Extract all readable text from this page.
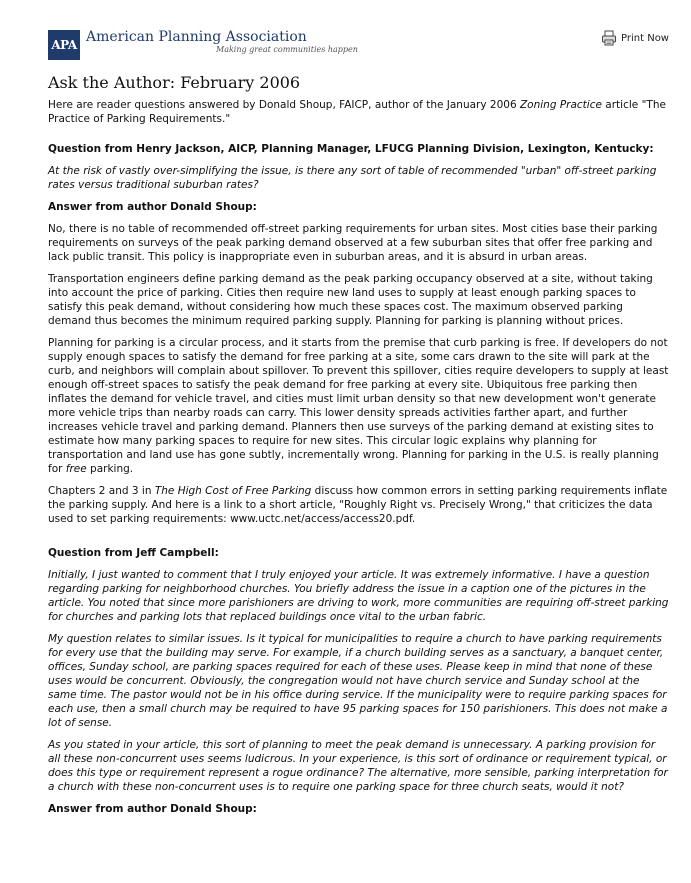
APA American Planning Association
Making great communities happen
Print Now
Ask the Author: February 2006

Here are reader questions answered by Donald Shoup, FAICP, author of the January 2006 Zoning Practice article "The Practice of Parking Requirements."

Question from Henry Jackson, AICP, Planning Manager, LFUCG Planning Division, Lexington, Kentucky:

At the risk of vastly over-simplifying the issue, is there any sort of table of recommended "urban" off-street parking rates versus traditional suburban rates?

Answer from author Donald Shoup:

No, there is no table of recommended off-street parking requirements for urban sites. Most cities base their parking requirements on surveys of the peak parking demand observed at a few suburban sites that offer free parking and lack public transit. This policy is inappropriate even in suburban areas, and it is absurd in urban areas.

Transportation engineers define parking demand as the peak parking occupancy observed at a site, without taking into account the price of parking. Cities then require new land uses to supply at least enough parking spaces to satisfy this peak demand, without considering how much these spaces cost. The maximum observed parking demand thus becomes the minimum required parking supply. Planning for parking is planning without prices.

Planning for parking is a circular process, and it starts from the premise that curb parking is free. If developers do not supply enough spaces to satisfy the demand for free parking at a site, some cars drawn to the site will park at the curb, and neighbors will complain about spillover. To prevent this spillover, cities require developers to supply at least enough off-street spaces to satisfy the peak demand for free parking at every site. Ubiquitous free parking then inflates the demand for vehicle travel, and cities must limit urban density so that new development won't generate more vehicle trips than nearby roads can carry. This lower density spreads activities farther apart, and further increases vehicle travel and parking demand. Planners then use surveys of the parking demand at existing sites to estimate how many parking spaces to require for new sites. This circular logic explains why planning for transportation and land use has gone subtly, incrementally wrong. Planning for parking in the U.S. is really planning for free parking.

Chapters 2 and 3 in The High Cost of Free Parking discuss how common errors in setting parking requirements inflate the parking supply. And here is a link to a short article, "Roughly Right vs. Precisely Wrong," that criticizes the data used to set parking requirements: www.uctc.net/access/access20.pdf.

Question from Jeff Campbell:

Initially, I just wanted to comment that I truly enjoyed your article. It was extremely informative. I have a question regarding parking for neighborhood churches. You briefly address the issue in a caption one of the pictures in the article. You noted that since more parishioners are driving to work, more communities are requiring off-street parking for churches and parking lots that replaced buildings once vital to the urban fabric.

My question relates to similar issues. Is it typical for municipalities to require a church to have parking requirements for every use that the building may serve. For example, if a church building serves as a sanctuary, a banquet center, offices, Sunday school, are parking spaces required for each of these uses. Please keep in mind that none of these uses would be concurrent. Obviously, the congregation would not have church service and Sunday school at the same time. The pastor would not be in his office during service. If the municipality were to require parking spaces for each use, then a small church may be required to have 95 parking spaces for 150 parishioners. This does not make a lot of sense.

As you stated in your article, this sort of planning to meet the peak demand is unnecessary. A parking provision for all these non-concurrent uses seems ludicrous. In your experience, is this sort of ordinance or requirement typical, or does this type or requirement represent a rogue ordinance? The alternative, more sensible, parking interpretation for a church with these non-concurrent uses is to require one parking space for three church seats, would it not?

Answer from author Donald Shoup:
